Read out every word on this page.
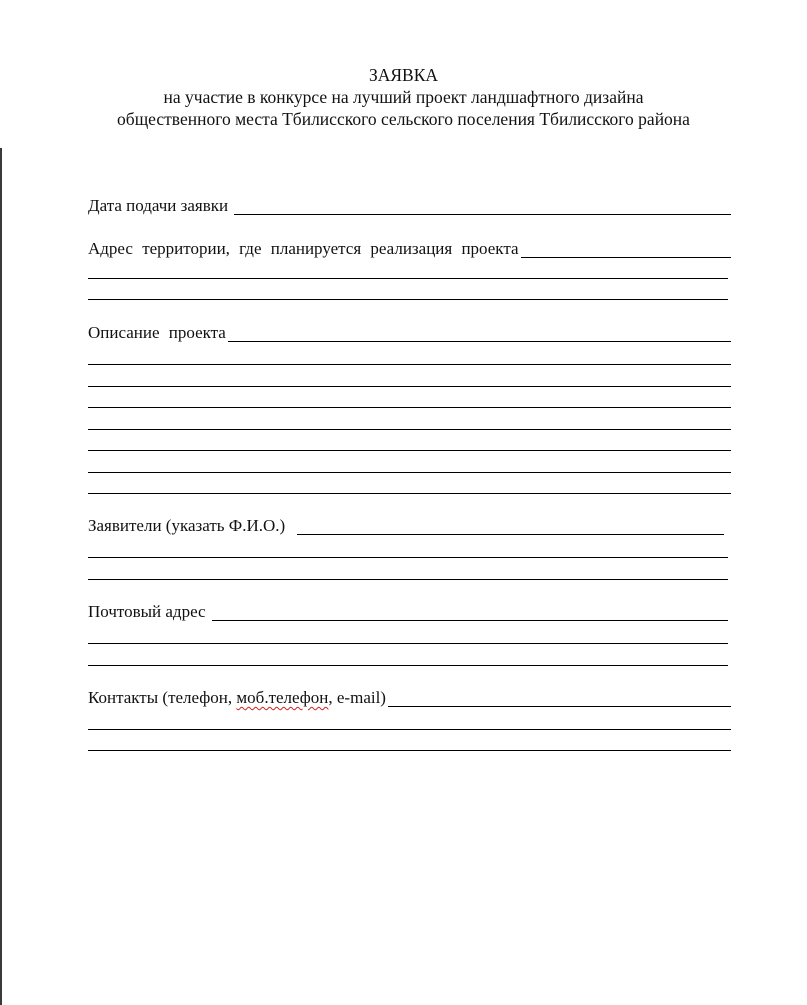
ЗАЯВКА
на участие в конкурсе на лучший проект ландшафтного дизайна
общественного места Тбилисского сельского поселения Тбилисского района
Дата подачи заявки
Адрес территории, где планируется реализация проекта
Описание проекта
Заявители (указать Ф.И.О.)
Почтовый адрес
Контакты (телефон, моб.телефон, e-mail)
